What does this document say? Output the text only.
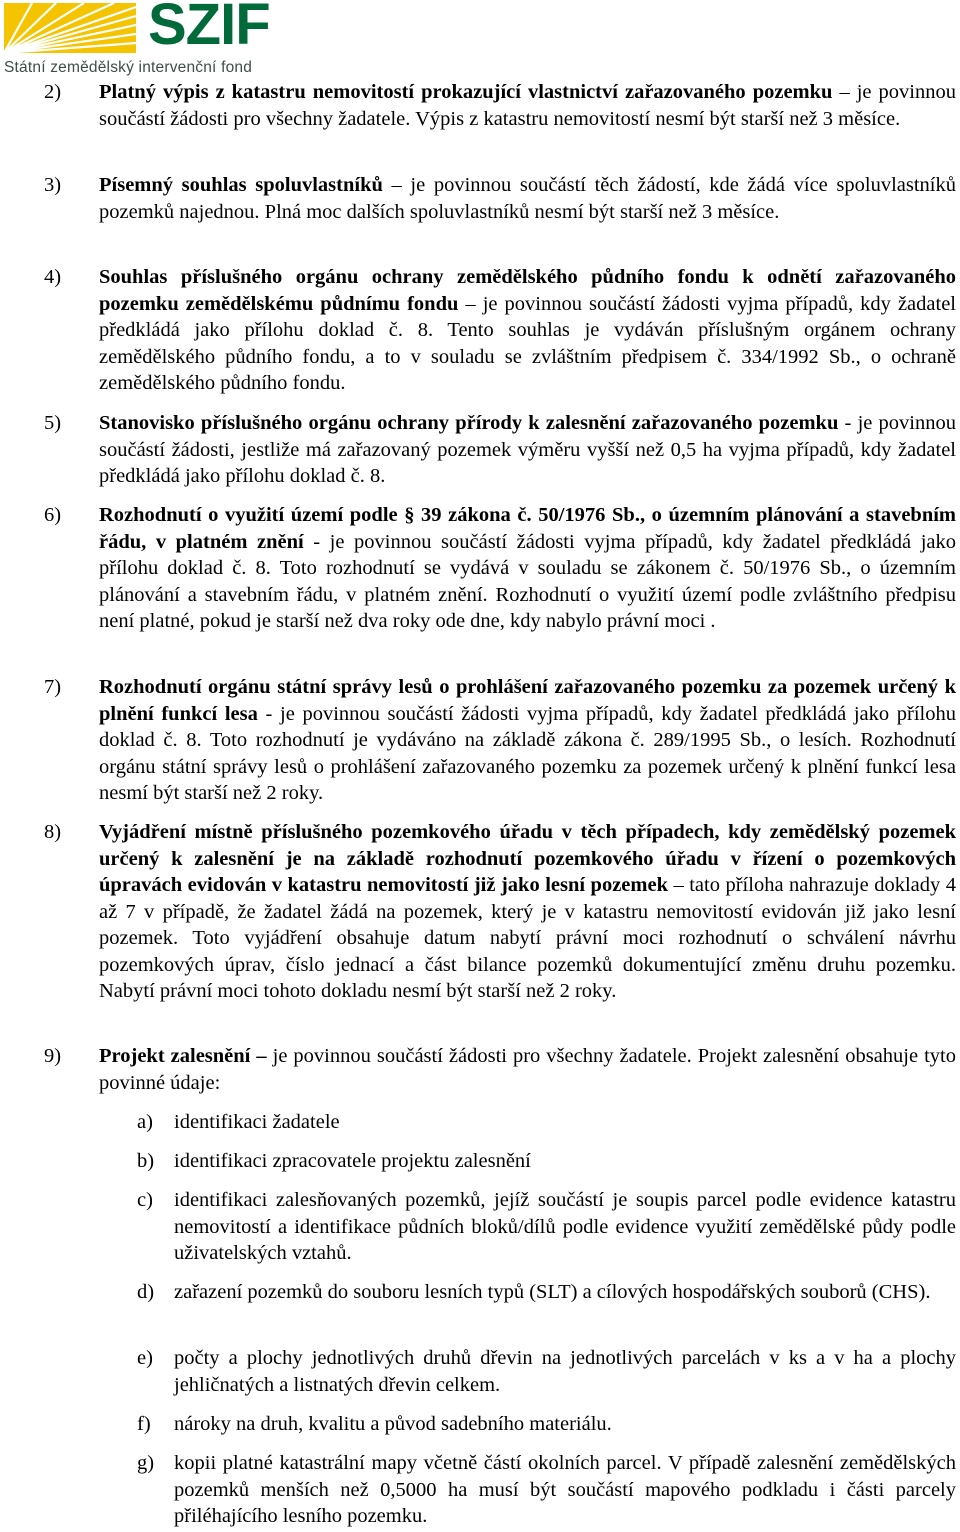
SZIF
Státní zemědělský intervenční fond
2) Platný výpis z katastru nemovitostí prokazující vlastnictví zařazovaného pozemku – je povinnou součástí žádosti pro všechny žadatele. Výpis z katastru nemovitostí nesmí být starší než 3 měsíce.
3) Písemný souhlas spoluvlastníků – je povinnou součástí těch žádostí, kde žádá více spoluvlastníků pozemků najednou. Plná moc dalších spoluvlastníků nesmí být starší než 3 měsíce.
4) Souhlas příslušného orgánu ochrany zemědělského půdního fondu k odnětí zařazovaného pozemku zemědělskému půdnímu fondu – je povinnou součástí žádosti vyjma případů, kdy žadatel předkládá jako přílohu doklad č. 8. Tento souhlas je vydáván příslušným orgánem ochrany zemědělského půdního fondu, a to v souladu se zvláštním předpisem č. 334/1992 Sb., o ochraně zemědělského půdního fondu.
5) Stanovisko příslušného orgánu ochrany přírody k zalesnění zařazovaného pozemku - je povinnou součástí žádosti, jestliže má zařazovaný pozemek výměru vyšší než 0,5 ha vyjma případů, kdy žadatel předkládá jako přílohu doklad č. 8.
6) Rozhodnutí o využití území podle § 39 zákona č. 50/1976 Sb., o územním plánování a stavebním řádu, v platném znění - je povinnou součástí žádosti vyjma případů, kdy žadatel předkládá jako přílohu doklad č. 8. Toto rozhodnutí se vydává v souladu se zákonem č. 50/1976 Sb., o územním plánování a stavebním řádu, v platném znění. Rozhodnutí o využití území podle zvláštního předpisu není platné, pokud je starší než dva roky ode dne, kdy nabylo právní moci .
7) Rozhodnutí orgánu státní správy lesů o prohlášení zařazovaného pozemku za pozemek určený k plnění funkcí lesa - je povinnou součástí žádosti vyjma případů, kdy žadatel předkládá jako přílohu doklad č. 8. Toto rozhodnutí je vydáváno na základě zákona č. 289/1995 Sb., o lesích. Rozhodnutí orgánu státní správy lesů o prohlášení zařazovaného pozemku za pozemek určený k plnění funkcí lesa nesmí být starší než 2 roky.
8) Vyjádření místně příslušného pozemkového úřadu v těch případech, kdy zemědělský pozemek určený k zalesnění je na základě rozhodnutí pozemkového úřadu v řízení o pozemkových úpravách evidován v katastru nemovitostí již jako lesní pozemek – tato příloha nahrazuje doklady 4 až 7 v případě, že žadatel žádá na pozemek, který je v katastru nemovitostí evidován již jako lesní pozemek. Toto vyjádření obsahuje datum nabytí právní moci rozhodnutí o schválení návrhu pozemkových úprav, číslo jednací a část bilance pozemků dokumentující změnu druhu pozemku. Nabytí právní moci tohoto dokladu nesmí být starší než 2 roky.
9) Projekt zalesnění – je povinnou součástí žádosti pro všechny žadatele. Projekt zalesnění obsahuje tyto povinné údaje:
a) identifikaci žadatele
b) identifikaci zpracovatele projektu zalesnění
c) identifikaci zalesňovaných pozemků, jejíž součástí je soupis parcel podle evidence katastru nemovitostí a identifikace půdních bloků/dílů podle evidence využití zemědělské půdy podle uživatelských vztahů.
d) zařazení pozemků do souboru lesních typů (SLT) a cílových hospodářských souborů (CHS).
e) počty a plochy jednotlivých druhů dřevin na jednotlivých parcelách v ks a v ha a plochy jehličnatých a listnatých dřevin celkem.
f) nároky na druh, kvalitu a původ sadebního materiálu.
g) kopii platné katastrální mapy včetně částí okolních parcel. V případě zalesnění zemědělských pozemků menších než 0,5000 ha musí být součástí mapového podkladu i části parcely přiléhajícího lesního pozemku.
